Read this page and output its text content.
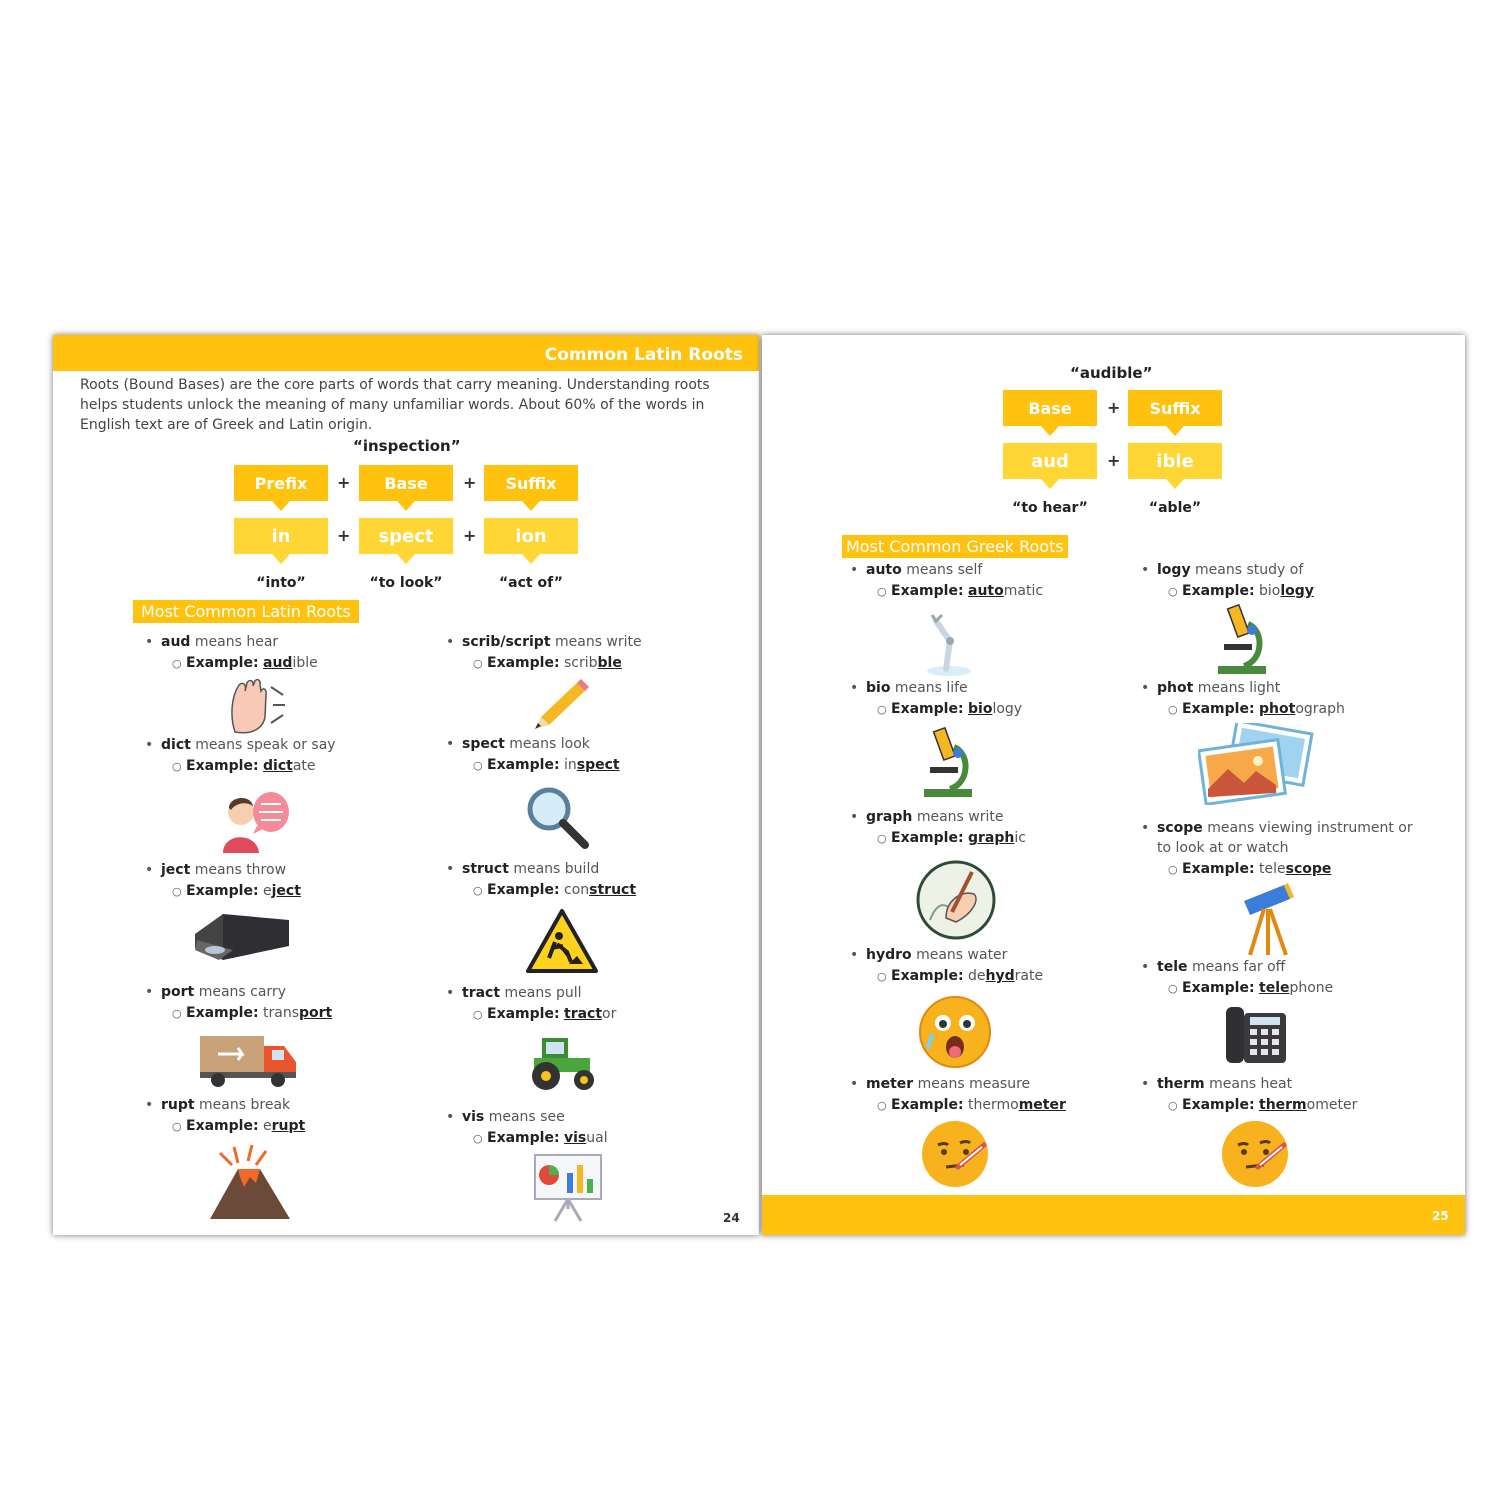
Common Latin Roots

Roots (Bound Bases) are the core parts of words that carry meaning. Understanding roots helps students unlock the meaning of many unfamiliar words. About 60% of the words in English text are of Greek and Latin origin.

“inspection”
Prefix	+	Base	+	Suffix
in	+	spect	+	ion
“into”	“to look”	“act of”
Most Common Latin Roots
• aud means hear
○ Example: audible
• dict means speak or say
○ Example: dictate
• ject means throw
○ Example: eject
• port means carry
○ Example: transport
• rupt means break
○ Example: erupt
• scrib/script means write
○ Example: scribble
• spect means look
○ Example: inspect
• struct means build
○ Example: construct
• tract means pull
○ Example: tractor
• vis means see
○ Example: visual
24
“audible”
Base	+	Suffix
aud	+	ible
“to hear”	“able”
Most Common Greek Roots
• auto means self
○ Example: automatic
• bio means life
○ Example: biology
• graph means write
○ Example: graphic
• hydro means water
○ Example: dehydrate
• meter means measure
○ Example: thermometer
• logy means study of
○ Example: biology
• phot means light
○ Example: photograph
• scope means viewing instrument or
to look at or watch
○ Example: telescope
• tele means far off
○ Example: telephone
• therm means heat
○ Example: thermometer
25
